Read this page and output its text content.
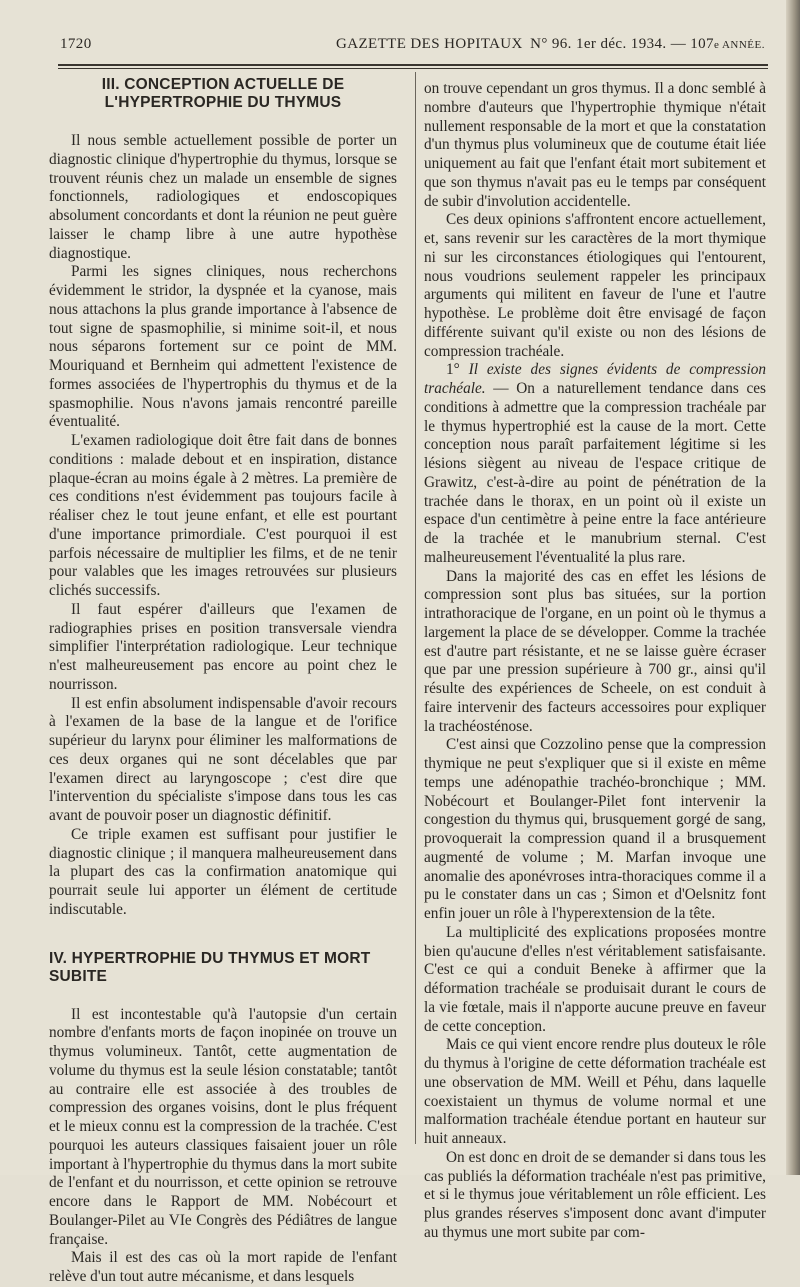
1720	GAZETTE DES HOPITAUX N° 96. 1er déc. 1934. — 107e ANNÉE.
III. CONCEPTION ACTUELLE DE L'HYPERTROPHIE DU THYMUS

Il nous semble actuellement possible de porter un diagnostic clinique d'hypertrophie du thymus, lorsque se trouvent réunis chez un malade un ensemble de signes fonctionnels, radiologiques et endoscopiques absolument concordants et dont la réunion ne peut guère laisser le champ libre à une autre hypothèse diagnostique.

Parmi les signes cliniques, nous recherchons évidemment le stridor, la dyspnée et la cyanose, mais nous attachons la plus grande importance à l'absence de tout signe de spasmophilie, si minime soit-il, et nous nous séparons fortement sur ce point de MM. Mouriquand et Bernheim qui admettent l'existence de formes associées de l'hypertrophis du thymus et de la spasmophilie. Nous n'avons jamais rencontré pareille éventualité.

L'examen radiologique doit être fait dans de bonnes conditions : malade debout et en inspiration, distance plaque-écran au moins égale à 2 mètres. La première de ces conditions n'est évidemment pas toujours facile à réaliser chez le tout jeune enfant, et elle est pourtant d'une importance primordiale. C'est pourquoi il est parfois nécessaire de multiplier les films, et de ne tenir pour valables que les images retrouvées sur plusieurs clichés successifs.

Il faut espérer d'ailleurs que l'examen de radiographies prises en position transversale viendra simplifier l'interprétation radiologique. Leur technique n'est malheureusement pas encore au point chez le nourrisson.

Il est enfin absolument indispensable d'avoir recours à l'examen de la base de la langue et de l'orifice supérieur du larynx pour éliminer les malformations de ces deux organes qui ne sont décelables que par l'examen direct au laryngoscope ; c'est dire que l'intervention du spécialiste s'impose dans tous les cas avant de pouvoir poser un diagnostic définitif.

Ce triple examen est suffisant pour justifier le diagnostic clinique ; il manquera malheureusement dans la plupart des cas la confirmation anatomique qui pourrait seule lui apporter un élément de certitude indiscutable.

IV. HYPERTROPHIE DU THYMUS ET MORT SUBITE

Il est incontestable qu'à l'autopsie d'un certain nombre d'enfants morts de façon inopinée on trouve un thymus volumineux. Tantôt, cette augmentation de volume du thymus est la seule lésion constatable; tantôt au contraire elle est associée à des troubles de compression des organes voisins, dont le plus fréquent et le mieux connu est la compression de la trachée. C'est pourquoi les auteurs classiques faisaient jouer un rôle important à l'hypertrophie du thymus dans la mort subite de l'enfant et du nourrisson, et cette opinion se retrouve encore dans le Rapport de MM. Nobécourt et Boulanger-Pilet au VIe Congrès des Pédiâtres de langue française.

Mais il est des cas où la mort rapide de l'enfant relève d'un tout autre mécanisme, et dans lesquels

on trouve cependant un gros thymus. Il a donc semblé à nombre d'auteurs que l'hypertrophie thymique n'était nullement responsable de la mort et que la constatation d'un thymus plus volumineux que de coutume était liée uniquement au fait que l'enfant était mort subitement et que son thymus n'avait pas eu le temps par conséquent de subir d'involution accidentelle.

Ces deux opinions s'affrontent encore actuellement, et, sans revenir sur les caractères de la mort thymique ni sur les circonstances étiologiques qui l'entourent, nous voudrions seulement rappeler les principaux arguments qui militent en faveur de l'une et l'autre hypothèse. Le problème doit être envisagé de façon différente suivant qu'il existe ou non des lésions de compression trachéale.

1° Il existe des signes évidents de compression trachéale. — On a naturellement tendance dans ces conditions à admettre que la compression trachéale par le thymus hypertrophié est la cause de la mort. Cette conception nous paraît parfaitement légitime si les lésions siègent au niveau de l'espace critique de Grawitz, c'est-à-dire au point de pénétration de la trachée dans le thorax, en un point où il existe un espace d'un centimètre à peine entre la face antérieure de la trachée et le manubrium sternal. C'est malheureusement l'éventualité la plus rare.

Dans la majorité des cas en effet les lésions de compression sont plus bas situées, sur la portion intrathoracique de l'organe, en un point où le thymus a largement la place de se développer. Comme la trachée est d'autre part résistante, et ne se laisse guère écraser que par une pression supérieure à 700 gr., ainsi qu'il résulte des expériences de Scheele, on est conduit à faire intervenir des facteurs accessoires pour expliquer la trachéosténose.

C'est ainsi que Cozzolino pense que la compression thymique ne peut s'expliquer que si il existe en même temps une adénopathie trachéo-bronchique ; MM. Nobécourt et Boulanger-Pilet font intervenir la congestion du thymus qui, brusquement gorgé de sang, provoquerait la compression quand il a brusquement augmenté de volume ; M. Marfan invoque une anomalie des aponévroses intra-thoraciques comme il a pu le constater dans un cas ; Simon et d'Oelsnitz font enfin jouer un rôle à l'hyperextension de la tête.

La multiplicité des explications proposées montre bien qu'aucune d'elles n'est véritablement satisfaisante. C'est ce qui a conduit Beneke à affirmer que la déformation trachéale se produisait durant le cours de la vie fœtale, mais il n'apporte aucune preuve en faveur de cette conception.

Mais ce qui vient encore rendre plus douteux le rôle du thymus à l'origine de cette déformation trachéale est une observation de MM. Weill et Péhu, dans laquelle coexistaient un thymus de volume normal et une malformation trachéale étendue portant en hauteur sur huit anneaux.

On est donc en droit de se demander si dans tous les cas publiés la déformation trachéale n'est pas primitive, et si le thymus joue véritablement un rôle efficient. Les plus grandes réserves s'imposent donc avant d'imputer au thymus une mort subite par com-
